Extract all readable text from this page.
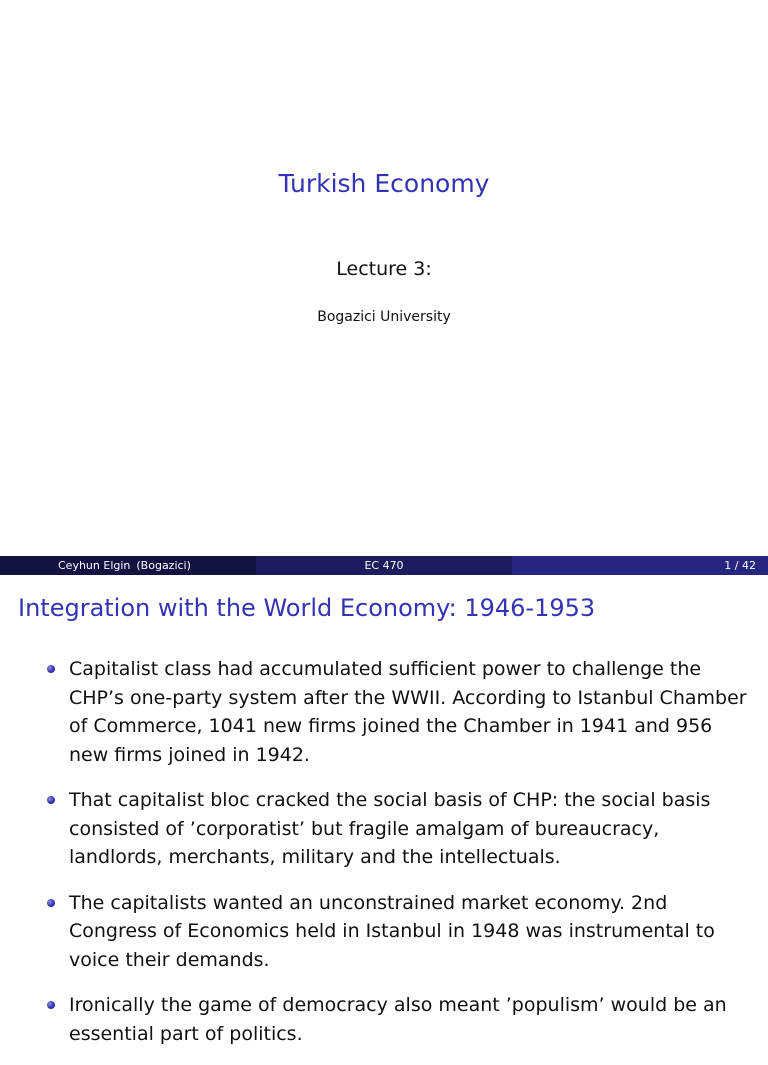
Turkish Economy
Lecture 3:
Bogazici University
Ceyhun Elgin (Bogazici)	EC 470	1 / 42
Integration with the World Economy: 1946-1953
Capitalist class had accumulated sufficient power to challenge the CHP’s one-party system after the WWII. According to Istanbul Chamber of Commerce, 1041 new firms joined the Chamber in 1941 and 956 new firms joined in 1942.
That capitalist bloc cracked the social basis of CHP: the social basis consisted of ’corporatist’ but fragile amalgam of bureaucracy, landlords, merchants, military and the intellectuals.
The capitalists wanted an unconstrained market economy. 2nd Congress of Economics held in Istanbul in 1948 was instrumental to voice their demands.
Ironically the game of democracy also meant ’populism’ would be an essential part of politics.
